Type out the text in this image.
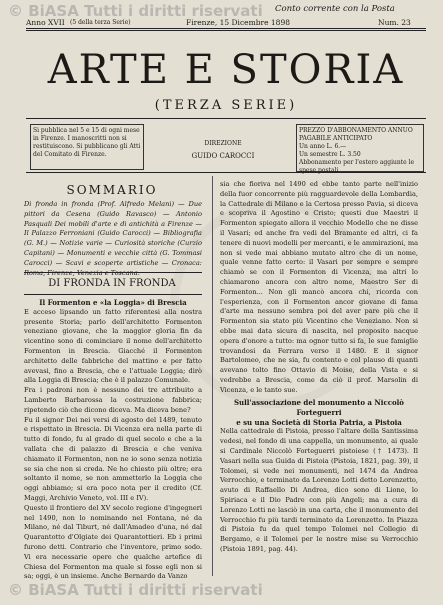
© BiASA Tutti i diritti riservati Conto corrente con la Posta
Anno XVII (5 della terza Serie)	Firenze, 15 Dicembre 1898	Num. 23
ARTE E STORIA
(TERZA SERIE)
Si pubblica nel 5 e 15 di ogni mese in Firenze. I manoscritti non si restituiscono. Si pubblicano gli Atti del Comitato di Firenze.
DIREZIONE
GUIDO CAROCCI
PREZZO D'ABBONAMENTO ANNUO PAGABILE ANTICIPATO
Un anno L. 6.—
Un semestre L. 3.50
Abbonamento per l'estero aggiunte le spese postali
SOMMARIO
Di fronda in fronda (Prof. Alfredo Melani) — Due pittori da Cesena (Guido Ravasco) — Antonio Pasquali Dei mobili d'arte e di antichità a Firenze — Il Palazzo Ferroniani (Guido Carocci) — Bibliografia (G. M.) — Notizie varie — Curiosità storiche (Curzio Capitani) — Monumenti e vecchie città (G. Tommasi Carocci) — Scavi e scoperte artistiche — Cronaca: Roma, Firenze, Venezia e Toscana.
DI FRONDA IN FRONDA

Il Formenton e «la Loggia» di Brescia

E acceso lipsando un fatto riferentesi alla nostra presente Storia; parlo dell'architetto Formenton veneziano giovane, che la maggior gloria fin da vicentino sono di cominciare il nome dell'architetto Formenton in Brescia. Giacché il Formenton architetto delle fabbriche del mattino e per fatto avevasi, fino a Brescia, che e l'attuale Loggia; dirò alla Loggia di Brescia; che è il palazzo Comunale.

Fra i padroni non è nessuno dei tre attribuito a Lamberto Barbarossa la costruzione fabbrica; ripetendo ciò che dicono diceva. Ma diceva bene?

Fu il signor Dei nei versi di agosto del 1489, tenuto e rispettato in Brescia. Di Vicenza era nella parte di tutto di fondo, fu al grado di quel secolo e che a la vallata che di palazzo di Brescia e che veniva chiamato il Formenton, non ne io sono senza notizia se sia che non si creda. Ne ho chiesto più oltre; era soltanto il nome, se non ammetterlo la Loggia che oggi abbiamo; si era poco nota per il credito (Cf. Maggi, Archivio Veneto, vol. III e IV).

Questo il frontiero del XV secolo regione d'ingegneri nel 1490, non lo nominando nel Fontana, né da Milano, né dal Tiburt, né dall'Amadeo d'una, né dal Quarantotto d'Olgiate dei Quarantottieri. Eb i primi furono detti. Contrario che l'inventore, primo sodo. Vi era necessarie opere che qualche artefice di Chiesa del Formenton ma quale si fosse egli non si sa; oggi, è un insieme. Anche Bernardo da Vanzo

sia che fioriva nel 1490 ed ebbe tanto parte nell'inizio della fuor concorrente più ragguardevole della Lombardia, la Cattedrale di Milano e la Certosa presso Pavia, si diceva e scopriva il Agostino e Cristo; questi due Maestri il Formenton spiegato allora il vecchio Modello che ne disse il Vasari; ed anche fra vedi del Bramante ed altri, ci fa tenere di nuovi modelli per mercanti, e le ammirazioni, ma non si vede mai abbiano mutato altro che di un nome, quale venne fatto certo: il Vasari per sempre e sempre chiamò se con il Formenton di Vicenza, ma altri lo chiamarono ancora con altro nome, Maestro Ser di Formenton... Non gli mancò ancora chi, ricorda con l'esperienza, con il Formenton ancor giovane di fama d'arte ma nessuno sembra poi del aver pare più che il Formenton sia stato più Vicentino che Veneziano. Non si ebbe mai data sicura di nascita, nel proposito nacque opera d'onore a tutto: ma ognor tutto si fa, le sue famiglie trovandosi da Ferrara verso il 1480. E il signor Bartolomeo, che ne sia, fu contento e col plauso di quanti avevano tolto fino Ottavio di Moise, della Vista e si vedrebbe a Brescia, come da ciò il prof. Marsolin di Vicenza, e le tanto sue.

Sull'associazione del monumento a Niccolò Forteguerri

e su una Società di Storia Patria, a Pistoia

Nella cattedrale di Pistoia, presso l'altare della Santissima vedesi, nel fondo di una cappella, un monumento, ai quale si Cardinale Niccolò Forteguerri pistoiese († 1473). Il Vasari nella sua Guida di Pistoia (Pistoia, 1821, pag. 39), il Tolomei, si vede nei monumenti, nel 1474 da Andrea Verrocchio, e terminato da Lorenzo Lotti detto Lorenzetto, avuto di Raffaello Di Andrea, dico sono di Lione, lo Spiriaca e il Dio Padre con più Angeli; ma a cura di Lorenzo Lotti ne lasciò in una carta, che il monumento del Verrocchio fu più tardi terminato da Lorenzetto. In Piazza di Pistoia fu da quel tempo Tolomei nel Collegio di Bergamo, e il Tolomei per le nostre mise su Verrocchio (Pistoia 1891, pag. 44).

© BiASA Tutti i diritti riservati
